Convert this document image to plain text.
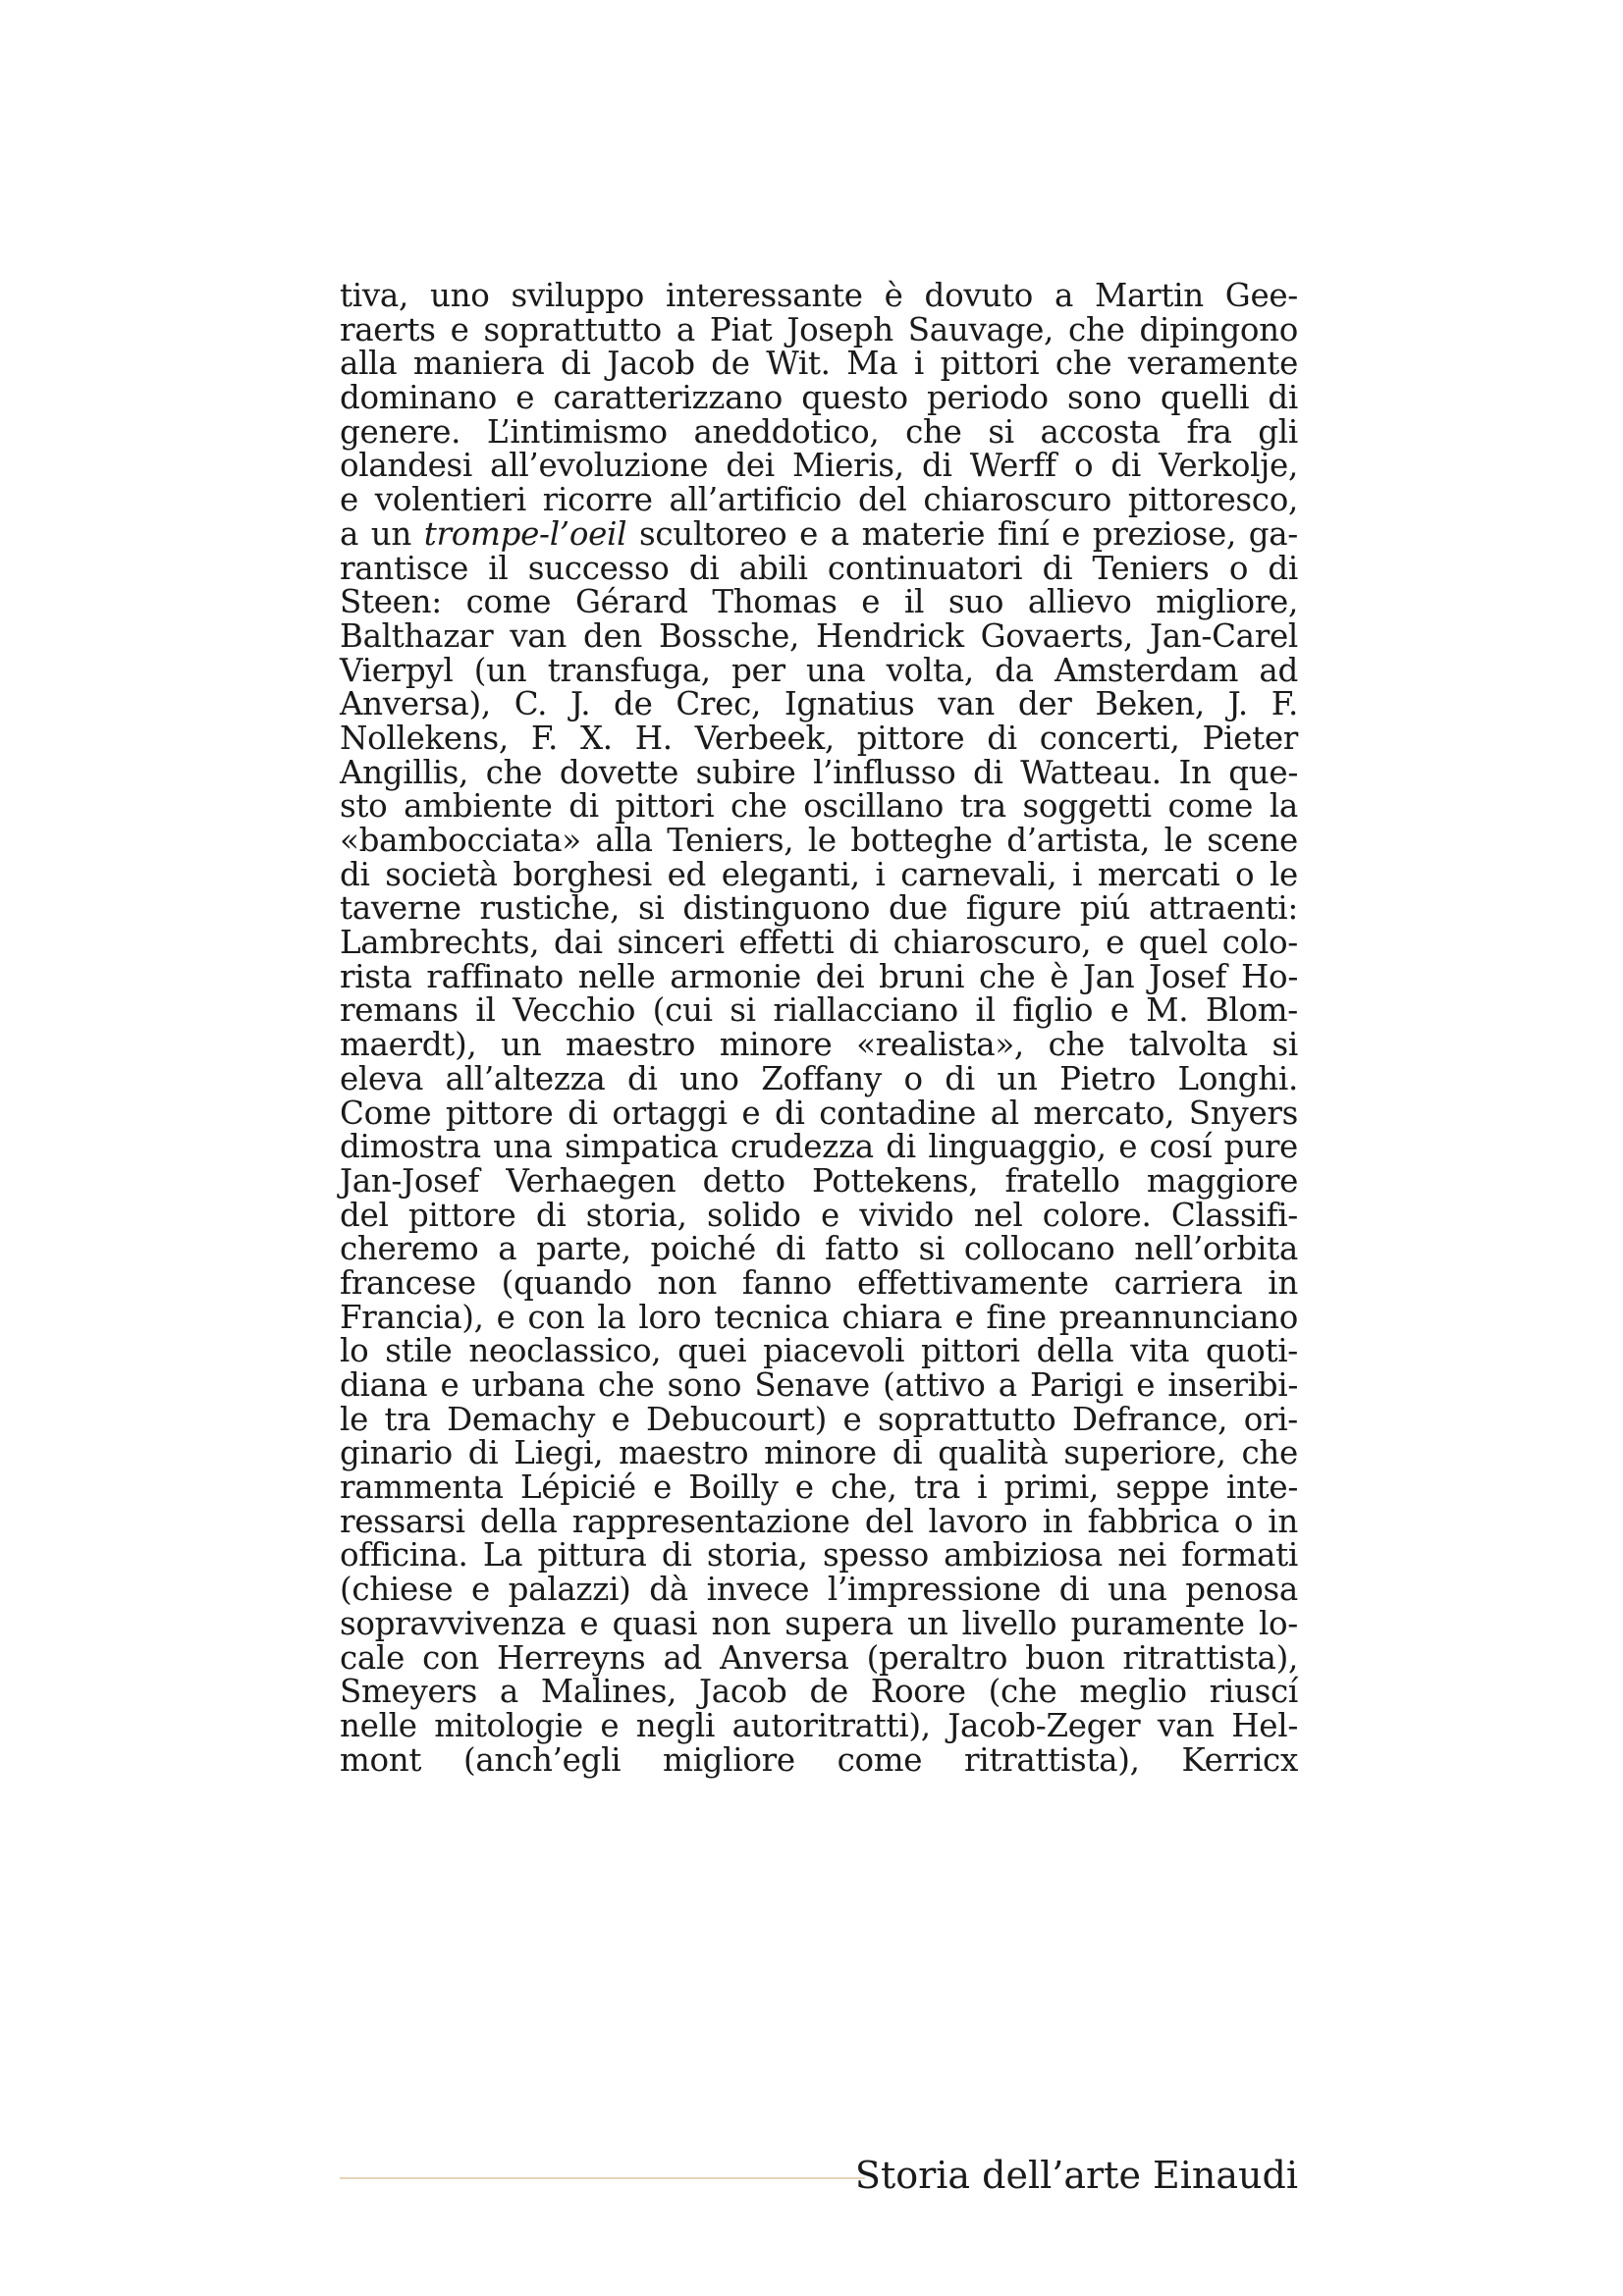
tiva, uno sviluppo interessante è dovuto a Martin Gee-
raerts e soprattutto a Piat Joseph Sauvage, che dipingono
alla maniera di Jacob de Wit. Ma i pittori che veramente
dominano e caratterizzano questo periodo sono quelli di
genere. L’intimismo aneddotico, che si accosta fra gli
olandesi all’evoluzione dei Mieris, di Werff o di Verkolje,
e volentieri ricorre all’artificio del chiaroscuro pittoresco,
a un trompe-l’oeil scultoreo e a materie finí e preziose, ga-
rantisce il successo di abili continuatori di Teniers o di
Steen: come Gérard Thomas e il suo allievo migliore,
Balthazar van den Bossche, Hendrick Govaerts, Jan-Carel
Vierpyl (un transfuga, per una volta, da Amsterdam ad
Anversa), C. J. de Crec, Ignatius van der Beken, J. F.
Nollekens, F. X. H. Verbeek, pittore di concerti, Pieter
Angillis, che dovette subire l’influsso di Watteau. In que-
sto ambiente di pittori che oscillano tra soggetti come la
«bambocciata» alla Teniers, le botteghe d’artista, le scene
di società borghesi ed eleganti, i carnevali, i mercati o le
taverne rustiche, si distinguono due figure piú attraenti:
Lambrechts, dai sinceri effetti di chiaroscuro, e quel colo-
rista raffinato nelle armonie dei bruni che è Jan Josef Ho-
remans il Vecchio (cui si riallacciano il figlio e M. Blom-
maerdt), un maestro minore «realista», che talvolta si
eleva all’altezza di uno Zoffany o di un Pietro Longhi.
Come pittore di ortaggi e di contadine al mercato, Snyers
dimostra una simpatica crudezza di linguaggio, e cosí pure
Jan-Josef Verhaegen detto Pottekens, fratello maggiore
del pittore di storia, solido e vivido nel colore. Classifi-
cheremo a parte, poiché di fatto si collocano nell’orbita
francese (quando non fanno effettivamente carriera in
Francia), e con la loro tecnica chiara e fine preannunciano
lo stile neoclassico, quei piacevoli pittori della vita quoti-
diana e urbana che sono Senave (attivo a Parigi e inseribi-
le tra Demachy e Debucourt) e soprattutto Defrance, ori-
ginario di Liegi, maestro minore di qualità superiore, che
rammenta Lépicié e Boilly e che, tra i primi, seppe inte-
ressarsi della rappresentazione del lavoro in fabbrica o in
officina. La pittura di storia, spesso ambiziosa nei formati
(chiese e palazzi) dà invece l’impressione di una penosa
sopravvivenza e quasi non supera un livello puramente lo-
cale con Herreyns ad Anversa (peraltro buon ritrattista),
Smeyers a Malines, Jacob de Roore (che meglio riuscí
nelle mitologie e negli autoritratti), Jacob-Zeger van Hel-
mont (anch’egli migliore come ritrattista), Kerricx
Storia dell’arte Einaudi
